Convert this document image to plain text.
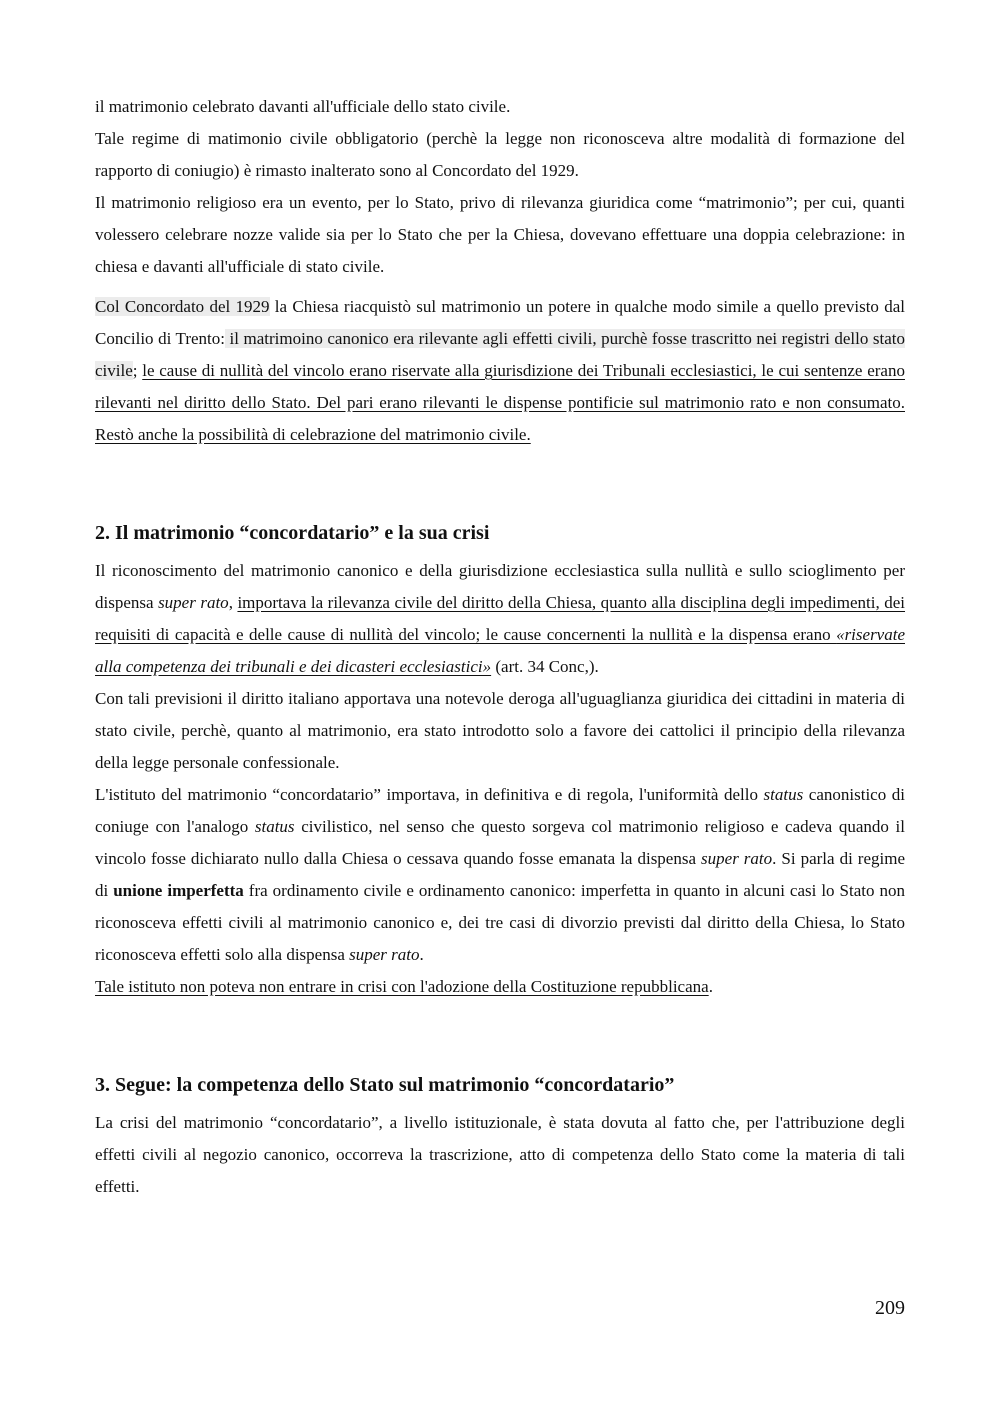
il matrimonio celebrato davanti all'ufficiale dello stato civile.

Tale regime di matimonio civile obbligatorio (perchè la legge non riconosceva altre modalità di formazione del rapporto di coniugio) è rimasto inalterato sono al Concordato del 1929.

Il matrimonio religioso era un evento, per lo Stato, privo di rilevanza giuridica come “matrimonio”; per cui, quanti volessero celebrare nozze valide sia per lo Stato che per la Chiesa, dovevano effettuare una doppia celebrazione: in chiesa e davanti all'ufficiale di stato civile.

Col Concordato del 1929 la Chiesa riacquistò sul matrimonio un potere in qualche modo simile a quello previsto dal Concilio di Trento: il matrimoino canonico era rilevante agli effetti civili, purchè fosse trascritto nei registri dello stato civile; le cause di nullità del vincolo erano riservate alla giurisdizione dei Tribunali ecclesiastici, le cui sentenze erano rilevanti nel diritto dello Stato. Del pari erano rilevanti le dispense pontificie sul matrimonio rato e non consumato. Restò anche la possibilità di celebrazione del matrimonio civile.

2. Il matrimonio “concordatario” e la sua crisi

Il riconoscimento del matrimonio canonico e della giurisdizione ecclesiastica sulla nullità e sullo scioglimento per dispensa super rato, importava la rilevanza civile del diritto della Chiesa, quanto alla disciplina degli impedimenti, dei requisiti di capacità e delle cause di nullità del vincolo; le cause concernenti la nullità e la dispensa erano «riservate alla competenza dei tribunali e dei dicasteri ecclesiastici» (art. 34 Conc,).

Con tali previsioni il diritto italiano apportava una notevole deroga all'uguaglianza giuridica dei cittadini in materia di stato civile, perchè, quanto al matrimonio, era stato introdotto solo a favore dei cattolici il principio della rilevanza della legge personale confessionale.

L'istituto del matrimonio “concordatario” importava, in definitiva e di regola, l'uniformità dello status canonistico di coniuge con l'analogo status civilistico, nel senso che questo sorgeva col matrimonio religioso e cadeva quando il vincolo fosse dichiarato nullo dalla Chiesa o cessava quando fosse emanata la dispensa super rato. Si parla di regime di unione imperfetta fra ordinamento civile e ordinamento canonico: imperfetta in quanto in alcuni casi lo Stato non riconosceva effetti civili al matrimonio canonico e, dei tre casi di divorzio previsti dal diritto della Chiesa, lo Stato riconosceva effetti solo alla dispensa super rato.

Tale istituto non poteva non entrare in crisi con l'adozione della Costituzione repubblicana.

3. Segue: la competenza dello Stato sul matrimonio “concordatario”

La crisi del matrimonio “concordatario”, a livello istituzionale, è stata dovuta al fatto che, per l'attribuzione degli effetti civili al negozio canonico, occorreva la trascrizione, atto di competenza dello Stato come la materia di tali effetti.

209
